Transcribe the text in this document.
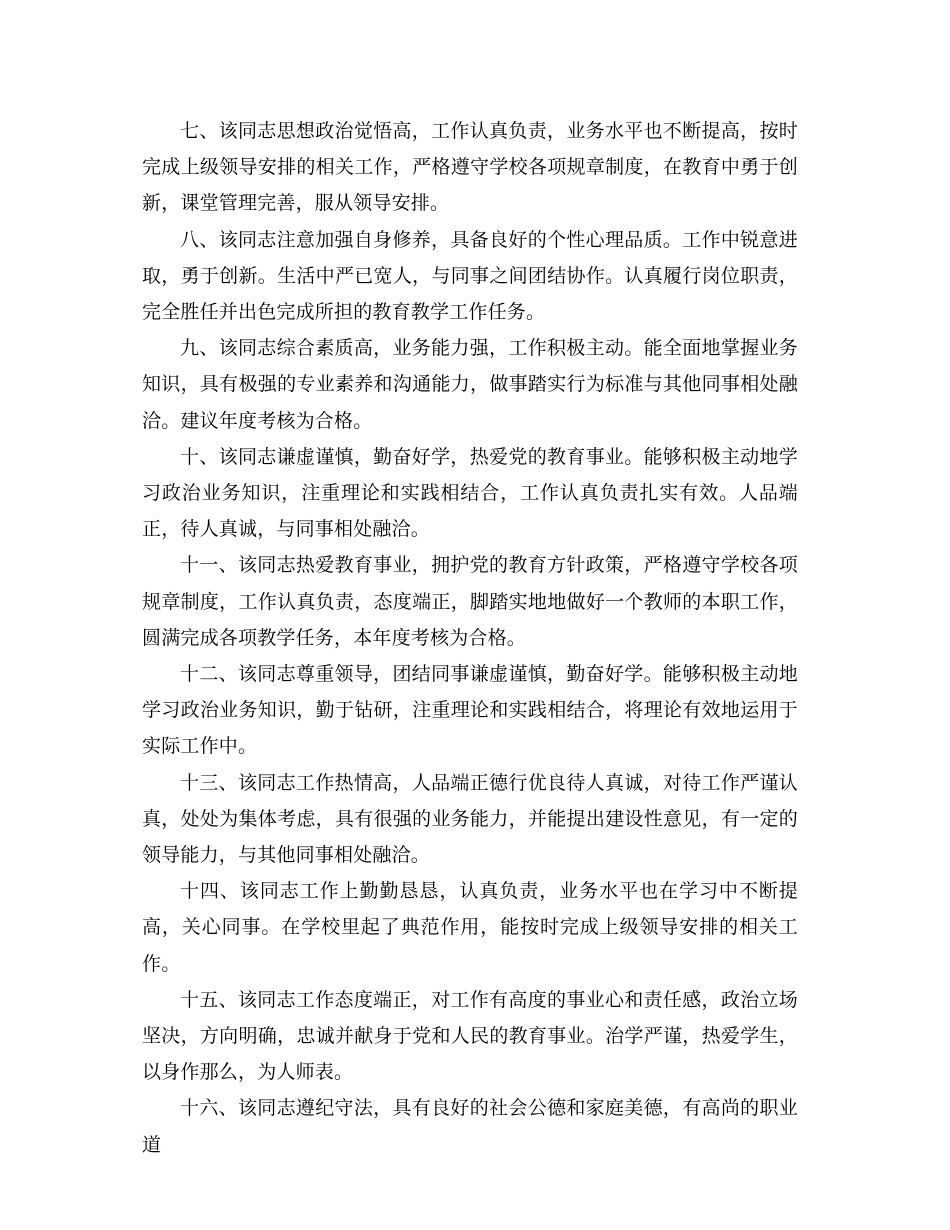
七、该同志思想政治觉悟高，工作认真负责，业务水平也不断提高，按时完成上级领导安排的相关工作，严格遵守学校各项规章制度，在教育中勇于创新，课堂管理完善，服从领导安排。

八、该同志注意加强自身修养，具备良好的个性心理品质。工作中锐意进取，勇于创新。生活中严已宽人，与同事之间团结协作。认真履行岗位职责，完全胜任并出色完成所担的教育教学工作任务。

九、该同志综合素质高，业务能力强，工作积极主动。能全面地掌握业务知识，具有极强的专业素养和沟通能力，做事踏实行为标准与其他同事相处融洽。建议年度考核为合格。

十、该同志谦虚谨慎，勤奋好学，热爱党的教育事业。能够积极主动地学习政治业务知识，注重理论和实践相结合，工作认真负责扎实有效。人品端正，待人真诚，与同事相处融洽。

十一、该同志热爱教育事业，拥护党的教育方针政策，严格遵守学校各项规章制度，工作认真负责，态度端正，脚踏实地地做好一个教师的本职工作，圆满完成各项教学任务，本年度考核为合格。

十二、该同志尊重领导，团结同事谦虚谨慎，勤奋好学。能够积极主动地学习政治业务知识，勤于钻研，注重理论和实践相结合，将理论有效地运用于实际工作中。

十三、该同志工作热情高，人品端正德行优良待人真诚，对待工作严谨认真，处处为集体考虑，具有很强的业务能力，并能提出建设性意见，有一定的领导能力，与其他同事相处融洽。

十四、该同志工作上勤勤恳恳，认真负责，业务水平也在学习中不断提高，关心同事。在学校里起了典范作用，能按时完成上级领导安排的相关工作。

十五、该同志工作态度端正，对工作有高度的事业心和责任感，政治立场坚决，方向明确，忠诚并献身于党和人民的教育事业。治学严谨，热爱学生，以身作那么，为人师表。

十六、该同志遵纪守法，具有良好的社会公德和家庭美德，有高尚的职业道
